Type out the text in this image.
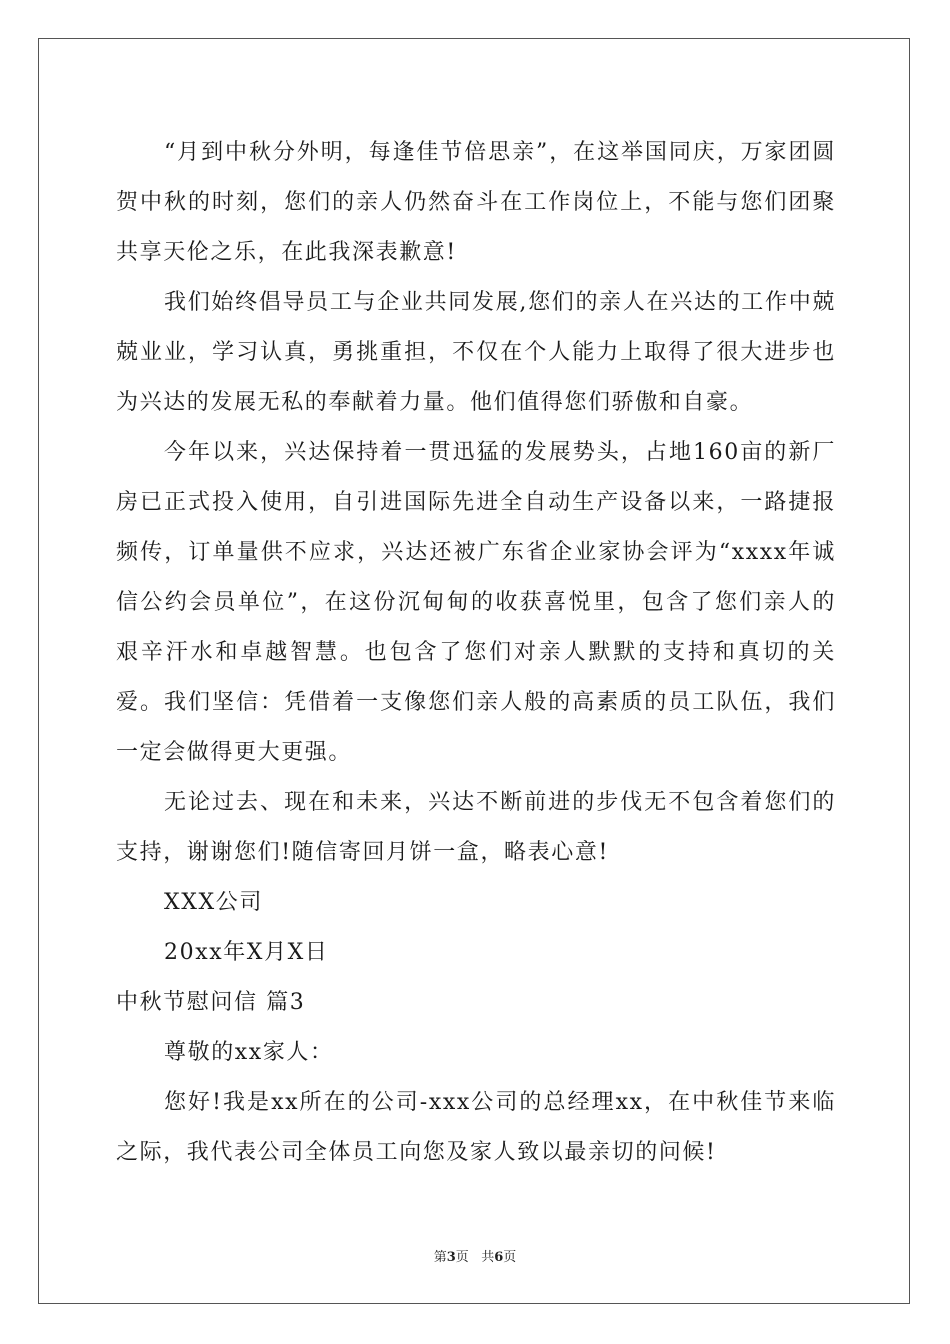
“月到中秋分外明，每逢佳节倍思亲”，在这举国同庆，万家团圆贺中秋的时刻，您们的亲人仍然奋斗在工作岗位上，不能与您们团聚共享天伦之乐，在此我深表歉意!

我们始终倡导员工与企业共同发展,您们的亲人在兴达的工作中兢兢业业，学习认真，勇挑重担，不仅在个人能力上取得了很大进步也为兴达的发展无私的奉献着力量。他们值得您们骄傲和自豪。

今年以来，兴达保持着一贯迅猛的发展势头，占地160亩的新厂房已正式投入使用，自引进国际先进全自动生产设备以来，一路捷报频传，订单量供不应求，兴达还被广东省企业家协会评为“xxxx年诚信公约会员单位”，在这份沉甸甸的收获喜悦里，包含了您们亲人的艰辛汗水和卓越智慧。也包含了您们对亲人默默的支持和真切的关爱。我们坚信：凭借着一支像您们亲人般的高素质的员工队伍，我们一定会做得更大更强。

无论过去、现在和未来，兴达不断前进的步伐无不包含着您们的支持，谢谢您们!随信寄回月饼一盒，略表心意!

XXX公司

20xx年X月X日

中秋节慰问信 篇3

尊敬的xx家人：

您好!我是xx所在的公司-xxx公司的总经理xx，在中秋佳节来临之际，我代表公司全体员工向您及家人致以最亲切的问候!

第3页 共6页
